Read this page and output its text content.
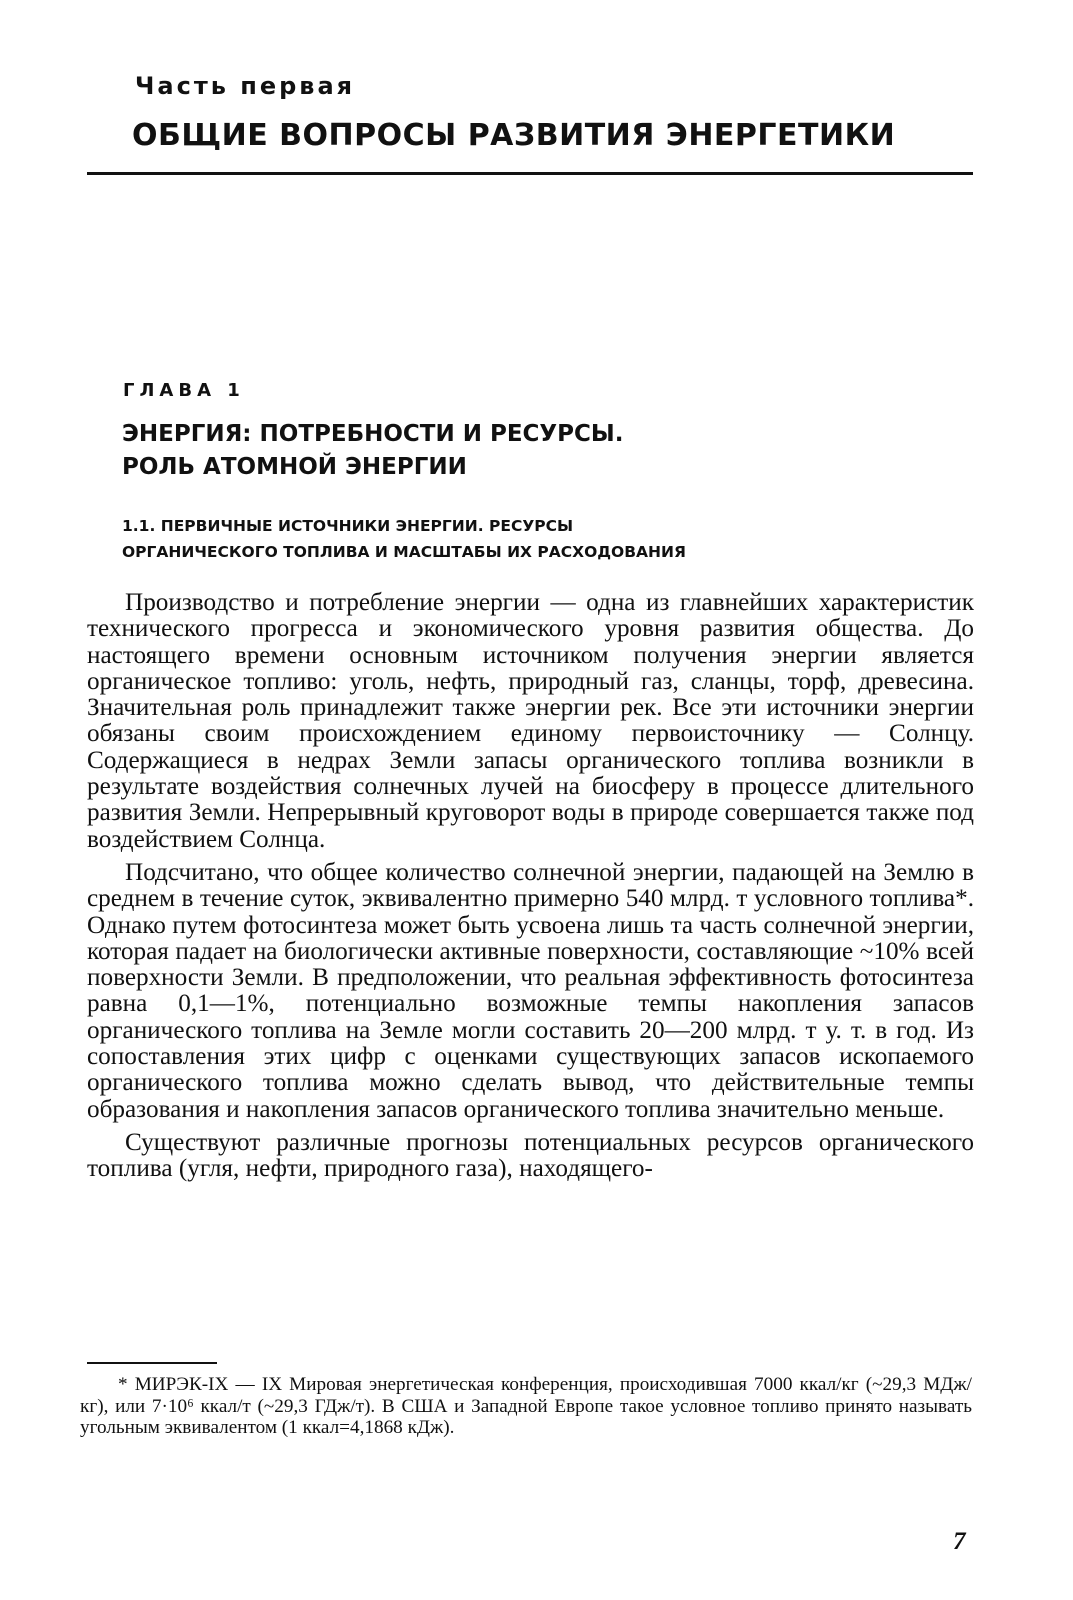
Часть первая
ОБЩИЕ ВОПРОСЫ РАЗВИТИЯ ЭНЕРГЕТИКИ
ГЛАВА 1
ЭНЕРГИЯ: ПОТРЕБНОСТИ И РЕСУРСЫ.
РОЛЬ АТОМНОЙ ЭНЕРГИИ
1.1. ПЕРВИЧНЫЕ ИСТОЧНИКИ ЭНЕРГИИ. РЕСУРСЫ
ОРГАНИЧЕСКОГО ТОПЛИВА И МАСШТАБЫ ИХ РАСХОДОВАНИЯ

Производство и потребление энергии — одна из главнейших характеристик технического прогресса и экономического уровня развития общества. До настоящего времени основным источником получения энергии является органическое топливо: уголь, нефть, природный газ, сланцы, торф, древесина. Значительная роль принадлежит также энергии рек. Все эти источники энергии обязаны своим происхождением единому первоисточнику — Солнцу. Содержащиеся в недрах Земли запасы органического топлива возникли в результате воздействия солнечных лучей на биосферу в процессе длительного развития Земли. Непрерывный круговорот воды в природе совершается также под воздействием Солнца.

Подсчитано, что общее количество солнечной энергии, падающей на Землю в среднем в течение суток, эквивалентно примерно 540 млрд. т условного топлива*. Однако путем фотосинтеза может быть усвоена лишь та часть солнечной энергии, которая падает на биологически активные поверхности, составляющие ~10% всей поверхности Земли. В предположении, что реальная эффективность фотосинтеза равна 0,1—1%, потенциально возможные темпы накопления запасов органического топлива на Земле могли составить 20—200 млрд. т у. т. в год. Из сопоставления этих цифр с оценками существующих запасов ископаемого органического топлива можно сделать вывод, что действительные темпы образования и накопления запасов органического топлива значительно меньше.

Существуют различные прогнозы потенциальных ресурсов органического топлива (угля, нефти, природного газа), находящего-

* МИРЭК-IX — IX Мировая энергетическая конференция, происходившая 7000 ккал/кг (~29,3 МДж/кг), или 7·10⁶ ккал/т (~29,3 ГДж/т). В США и Западной Европе такое условное топливо принято называть угольным эквивалентом (1 ккал=4,1868 кДж).

7
